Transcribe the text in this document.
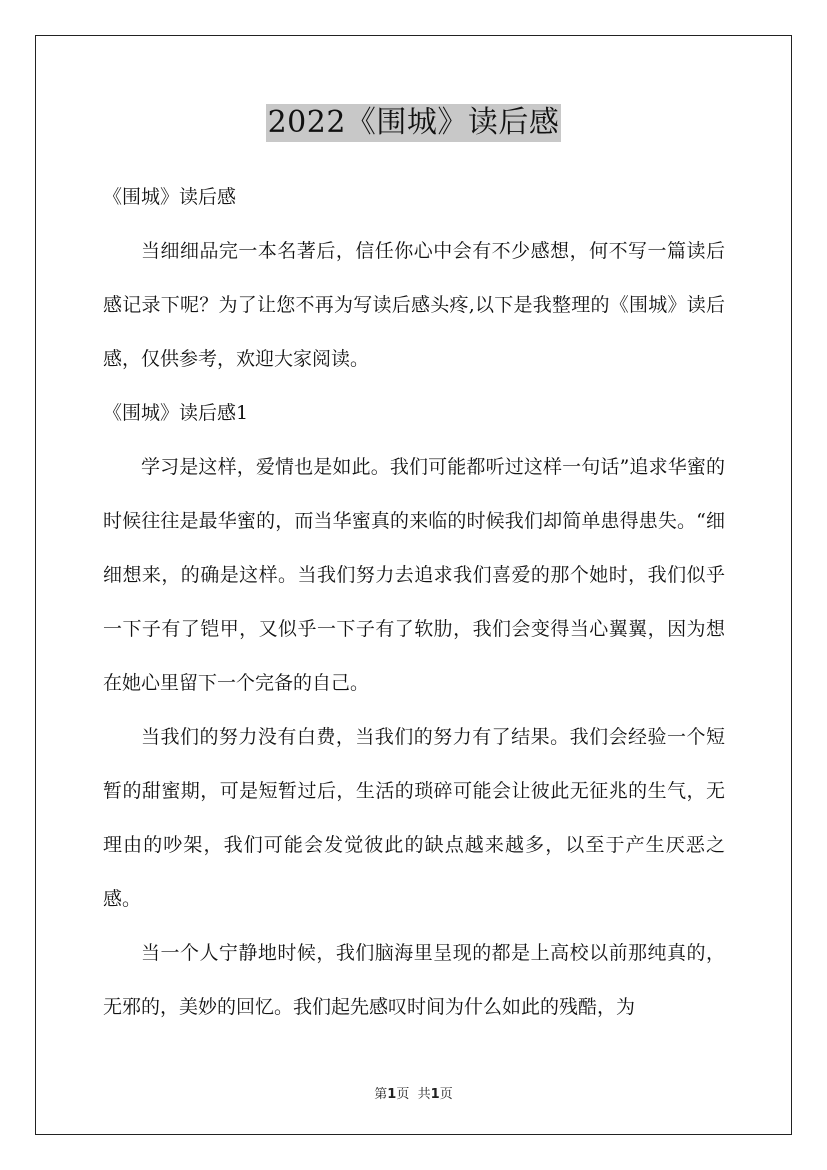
2022《围城》读后感
《围城》读后感

当细细品完一本名著后，信任你心中会有不少感想，何不写一篇读后感记录下呢？为了让您不再为写读后感头疼,以下是我整理的《围城》读后感，仅供参考，欢迎大家阅读。

《围城》读后感1

学习是这样，爱情也是如此。我们可能都听过这样一句话”追求华蜜的时候往往是最华蜜的，而当华蜜真的来临的时候我们却简单患得患失。“细细想来，的确是这样。当我们努力去追求我们喜爱的那个她时，我们似乎一下子有了铠甲，又似乎一下子有了软肋，我们会变得当心翼翼，因为想在她心里留下一个完备的自己。

当我们的努力没有白费，当我们的努力有了结果。我们会经验一个短暂的甜蜜期，可是短暂过后，生活的琐碎可能会让彼此无征兆的生气，无理由的吵架，我们可能会发觉彼此的缺点越来越多，以至于产生厌恶之感。

当一个人宁静地时候，我们脑海里呈现的都是上高校以前那纯真的，无邪的，美妙的回忆。我们起先感叹时间为什么如此的残酷，为

第1页 共1页
